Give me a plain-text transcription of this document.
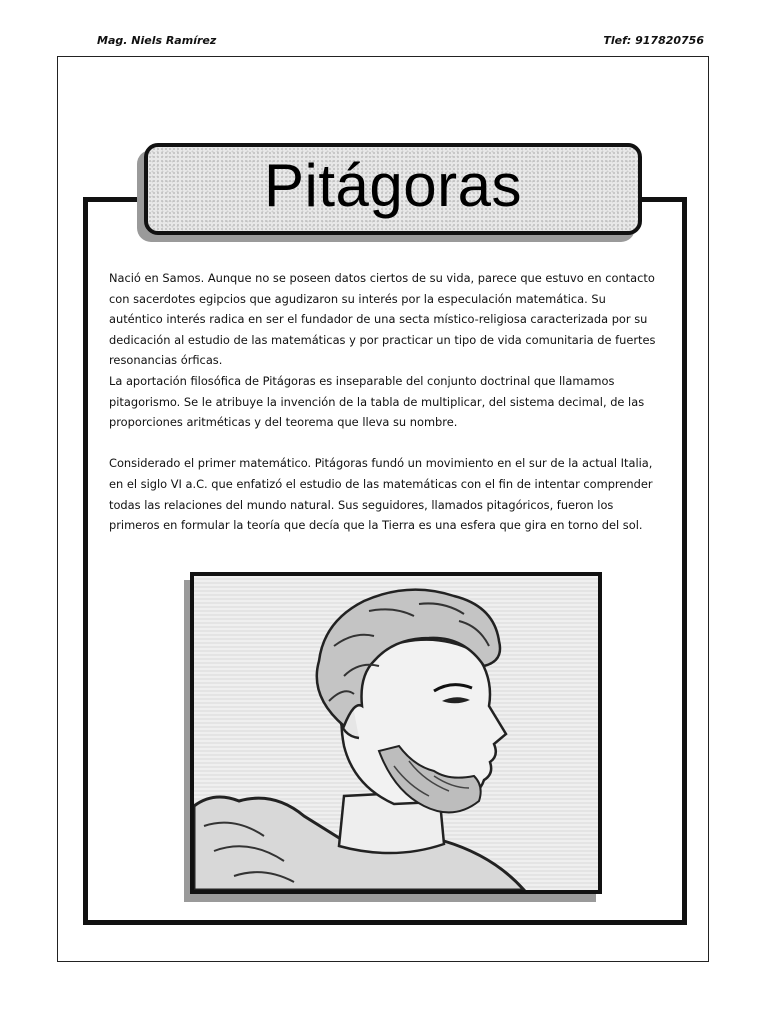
Mag. Niels Ramírez	Tlef: 917820756
Pitágoras

Nació en Samos. Aunque no se poseen datos ciertos de su vida, parece que estuvo en contacto con sacerdotes egipcios que agudizaron su interés por la especulación matemática. Su auténtico interés radica en ser el fundador de una secta místico-religiosa caracterizada por su dedicación al estudio de las matemáticas y por practicar un tipo de vida comunitaria de fuertes resonancias órficas.

La aportación filosófica de Pitágoras es inseparable del conjunto doctrinal que llamamos pitagorismo. Se le atribuye la invención de la tabla de multiplicar, del sistema decimal, de las proporciones aritméticas y del teorema que lleva su nombre.

Considerado el primer matemático. Pitágoras fundó un movimiento en el sur de la actual Italia, en el siglo VI a.C. que enfatizó el estudio de las matemáticas con el fin de intentar comprender todas las relaciones del mundo natural. Sus seguidores, llamados pitagóricos, fueron los primeros en formular la teoría que decía que la Tierra es una esfera que gira en torno del sol.
